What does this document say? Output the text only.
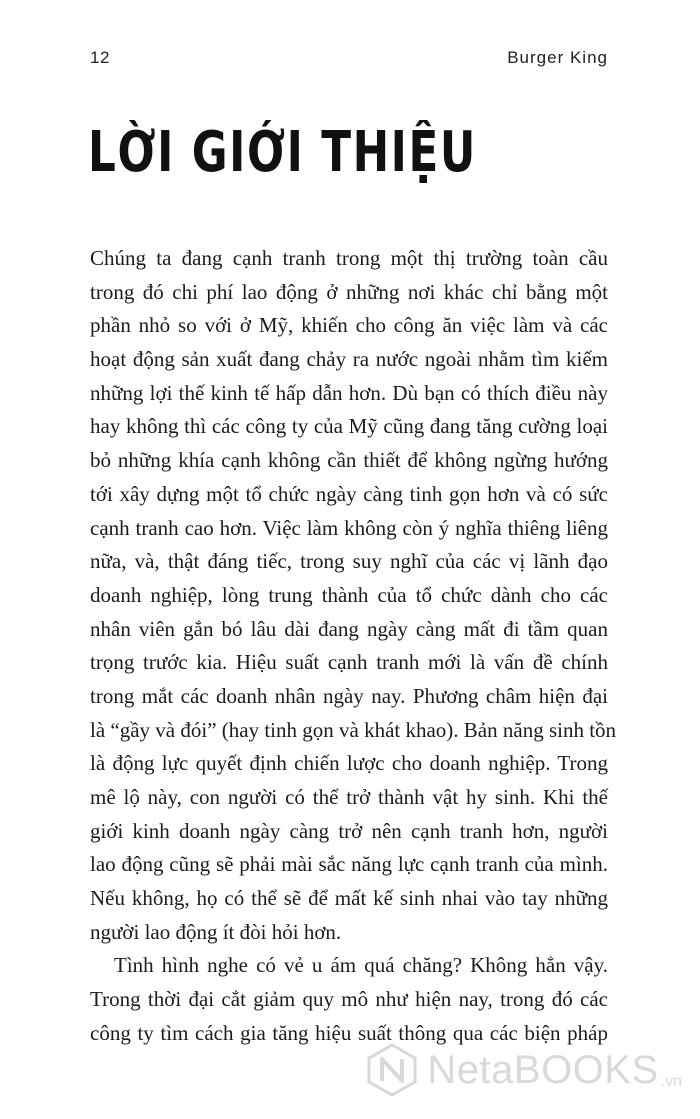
12	Burger King
LỜI GIỚI THIỆU

Chúng ta đang cạnh tranh trong một thị trường toàn cầu
trong đó chi phí lao động ở những nơi khác chỉ bằng một
phần nhỏ so với ở Mỹ, khiến cho công ăn việc làm và các
hoạt động sản xuất đang chảy ra nước ngoài nhằm tìm kiếm
những lợi thế kinh tế hấp dẫn hơn. Dù bạn có thích điều này
hay không thì các công ty của Mỹ cũng đang tăng cường loại
bỏ những khía cạnh không cần thiết để không ngừng hướng
tới xây dựng một tổ chức ngày càng tinh gọn hơn và có sức
cạnh tranh cao hơn. Việc làm không còn ý nghĩa thiêng liêng
nữa, và, thật đáng tiếc, trong suy nghĩ của các vị lãnh đạo
doanh nghiệp, lòng trung thành của tổ chức dành cho các
nhân viên gắn bó lâu dài đang ngày càng mất đi tầm quan
trọng trước kia. Hiệu suất cạnh tranh mới là vấn đề chính
trong mắt các doanh nhân ngày nay. Phương châm hiện đại
là “gầy và đói” (hay tinh gọn và khát khao). Bản năng sinh tồn
là động lực quyết định chiến lược cho doanh nghiệp. Trong
mê lộ này, con người có thể trở thành vật hy sinh. Khi thế
giới kinh doanh ngày càng trở nên cạnh tranh hơn, người
lao động cũng sẽ phải mài sắc năng lực cạnh tranh của mình.
Nếu không, họ có thể sẽ để mất kế sinh nhai vào tay những
người lao động ít đòi hỏi hơn.

Tình hình nghe có vẻ u ám quá chăng? Không hẳn vậy.
Trong thời đại cắt giảm quy mô như hiện nay, trong đó các
công ty tìm cách gia tăng hiệu suất thông qua các biện pháp

NetaBOOKS .vn
